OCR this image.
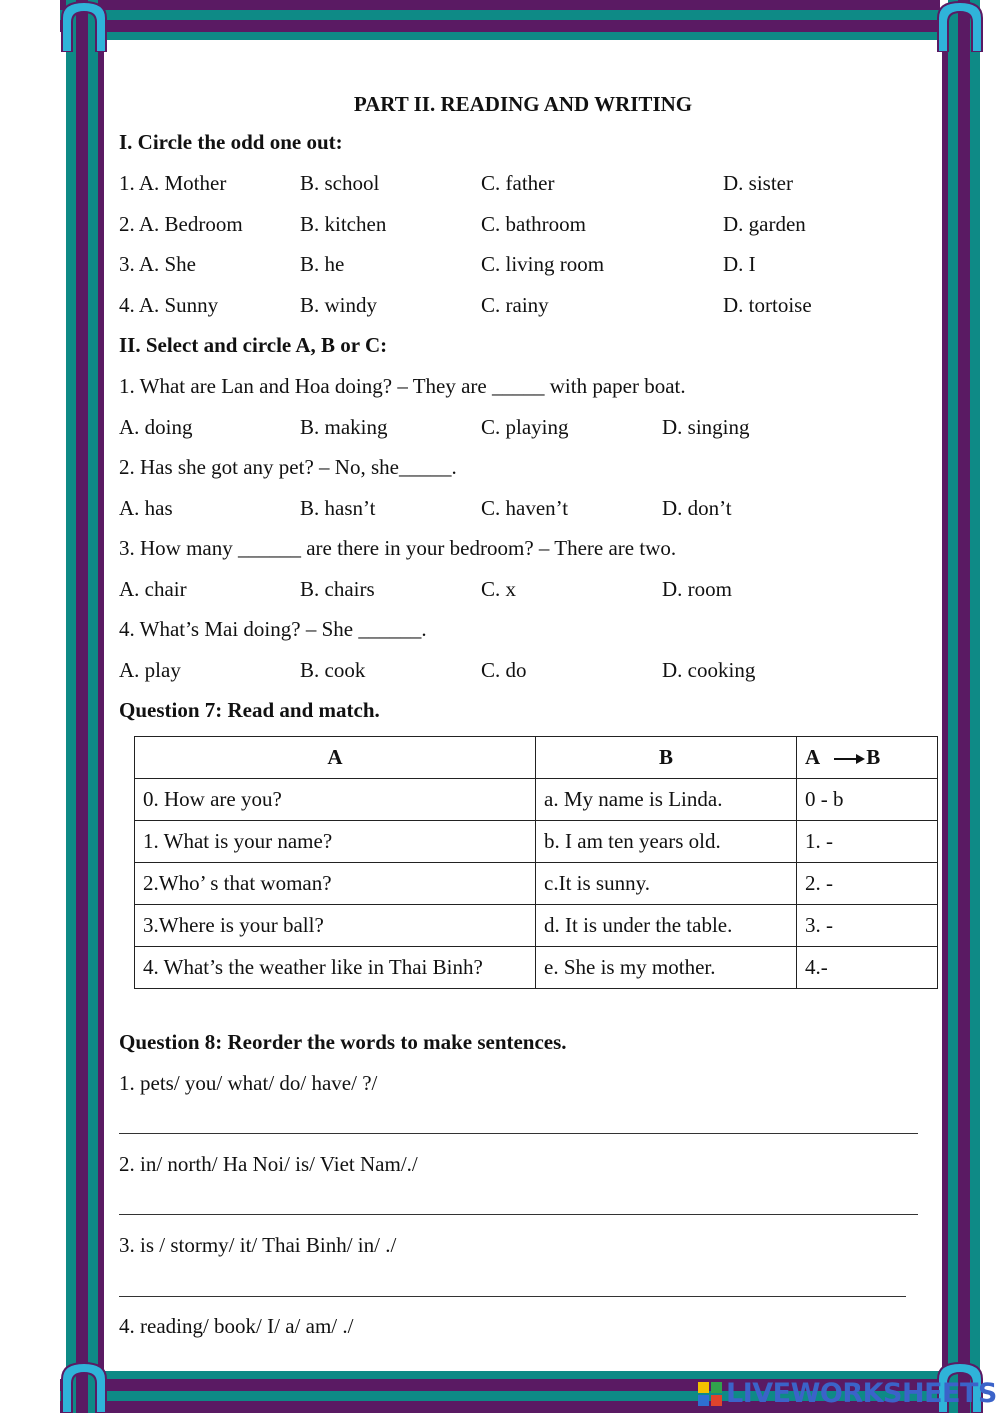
PART II. READING AND WRITING
I. Circle the odd one out:
1. A. Mother	B. school	C. father	D. sister
2. A. Bedroom	B. kitchen	C. bathroom	D. garden
3. A. She	B. he	C. living room	D. I
4. A. Sunny	B. windy	C. rainy	D. tortoise
II. Select and circle A, B or C:
1. What are Lan and Hoa doing? – They are _____ with paper boat.
A. doing	B. making	C. playing	D. singing
2. Has she got any pet? – No, she_____.
A. has	B. hasn’t	C. haven’t	D. don’t
3. How many ______ are there in your bedroom? – There are two.
A. chair	B. chairs	C. x	D. room
4. What’s Mai doing? – She ______.
A. play	B. cook	C. do	D. cooking
Question 7: Read and match.
A	B	A B
0. How are you?	a. My name is Linda.	0 - b
1. What is your name?	b. I am ten years old.	1. -
2.Who’ s that woman?	c.It is sunny.	2. -
3.Where is your ball?	d. It is under the table.	3. -
4. What’s the weather like in Thai Binh?	e. She is my mother.	4.-
Question 8: Reorder the words to make sentences.
1. pets/ you/ what/ do/ have/ ?/
2. in/ north/ Ha Noi/ is/ Viet Nam/./
3. is / stormy/ it/ Thai Binh/ in/ ./
4. reading/ book/ I/ a/ am/ ./
LIVEWORKSHEETS
